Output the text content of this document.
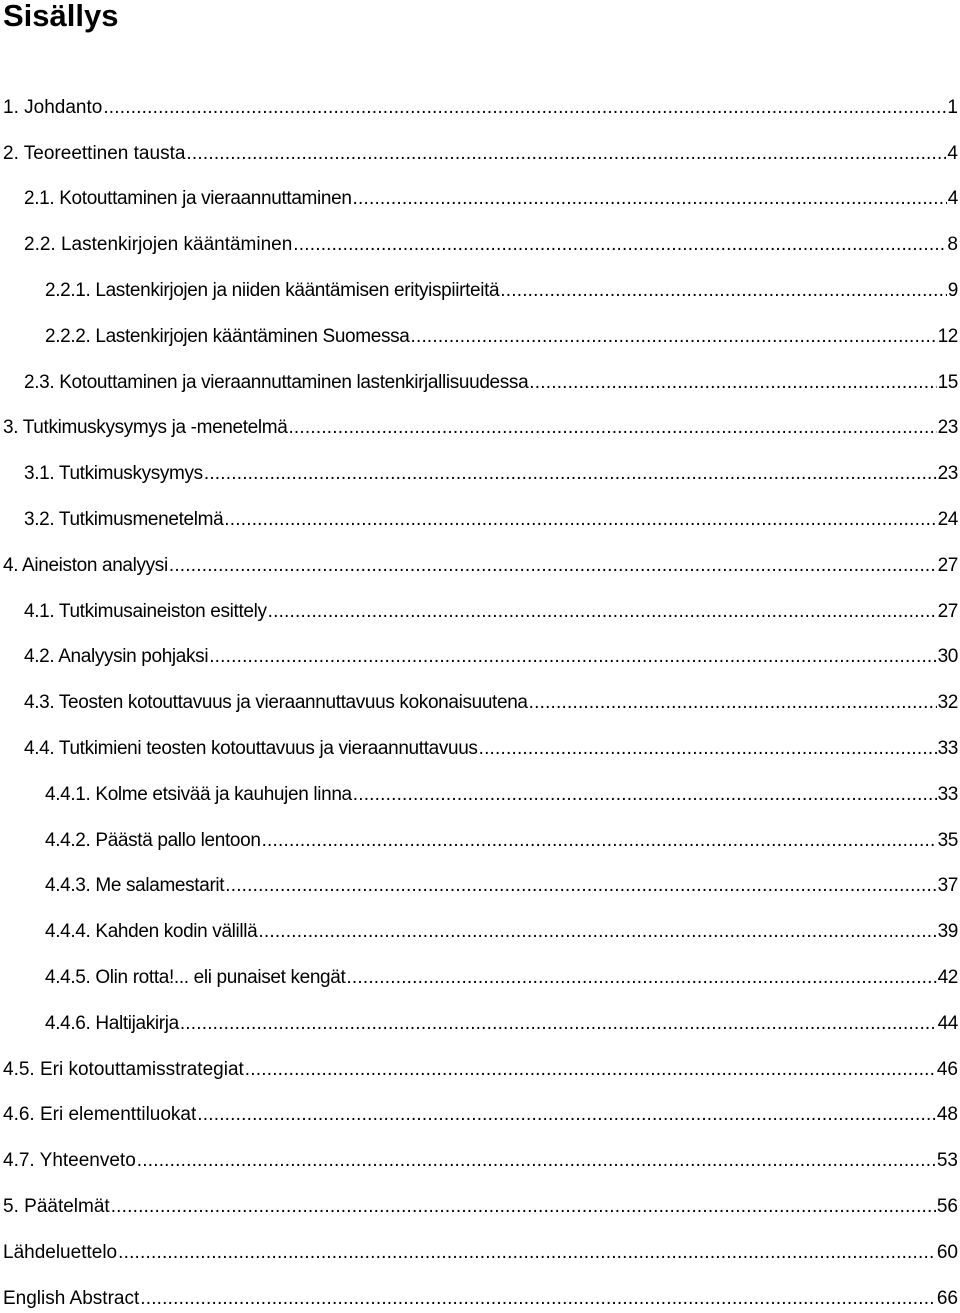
Sisällys
1. Johdanto .....	1
2. Teoreettinen tausta .....	4
2.1. Kotouttaminen ja vieraannuttaminen .....	4
2.2. Lastenkirjojen kääntäminen .....	8
2.2.1. Lastenkirjojen ja niiden kääntämisen erityispiirteitä .....	9
2.2.2. Lastenkirjojen kääntäminen Suomessa .....	12
2.3. Kotouttaminen ja vieraannuttaminen lastenkirjallisuudessa .....	15
3. Tutkimuskysymys ja -menetelmä .....	23
3.1. Tutkimuskysymys .....	23
3.2. Tutkimusmenetelmä .....	24
4. Aineiston analyysi .....	27
4.1. Tutkimusaineiston esittely .....	27
4.2. Analyysin pohjaksi .....	30
4.3. Teosten kotouttavuus ja vieraannuttavuus kokonaisuutena .....	32
4.4. Tutkimieni teosten kotouttavuus ja vieraannuttavuus .....	33
4.4.1. Kolme etsivää ja kauhujen linna .....	33
4.4.2. Päästä pallo lentoon .....	35
4.4.3. Me salamestarit .....	37
4.4.4. Kahden kodin välillä .....	39
4.4.5. Olin rotta!... eli punaiset kengät .....	42
4.4.6. Haltijakirja .....	44
4.5. Eri kotouttamisstrategiat .....	46
4.6. Eri elementtiluokat .....	48
4.7. Yhteenveto .....	53
5. Päätelmät .....	56
Lähdeluettelo .....	60
English Abstract .....	66
